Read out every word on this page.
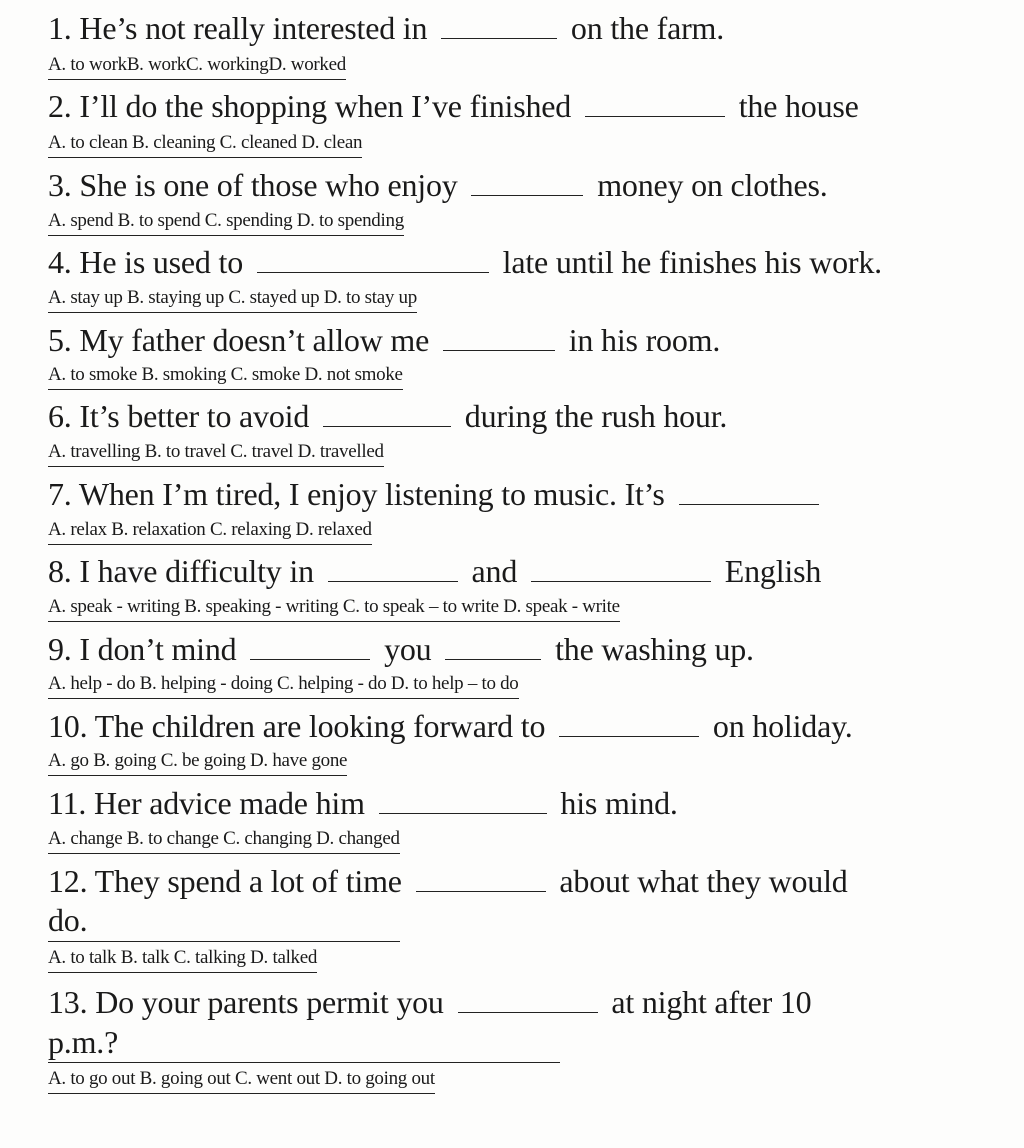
1. He’s not really interested in	on the farm.
A. to workB. workC. workingD. worked
2. I’ll do the shopping when I’ve finished	the house
A. to clean B. cleaning C. cleaned D. clean
3. She is one of those who enjoy	money on clothes.
A. spend B. to spend C. spending D. to spending
4. He is used to	late until he finishes his work.
A. stay up B. staying up C. stayed up D. to stay up
5. My father doesn’t allow me	in his room.
A. to smoke B. smoking C. smoke D. not smoke
6. It’s better to avoid	during the rush hour.
A. travelling B. to travel C. travel D. travelled
7. When I’m tired, I enjoy listening to music. It’s
A. relax B. relaxation C. relaxing D. relaxed
8. I have difficulty in	and	English
A. speak - writing B. speaking - writing C. to speak – to write D. speak - write
9. I don’t mind	you	the washing up.
A. help - do B. helping - doing C. helping - do D. to help – to do
10. The children are looking forward to	on holiday.
A. go B. going C. be going D. have gone
11. Her advice made him	his mind.
A. change B. to change C. changing D. changed
12. They spend a lot of time	about what they would
do.
A. to talk B. talk C. talking D. talked
13. Do your parents permit you	at night after 10
p.m.?
A. to go out B. going out C. went out D. to going out
